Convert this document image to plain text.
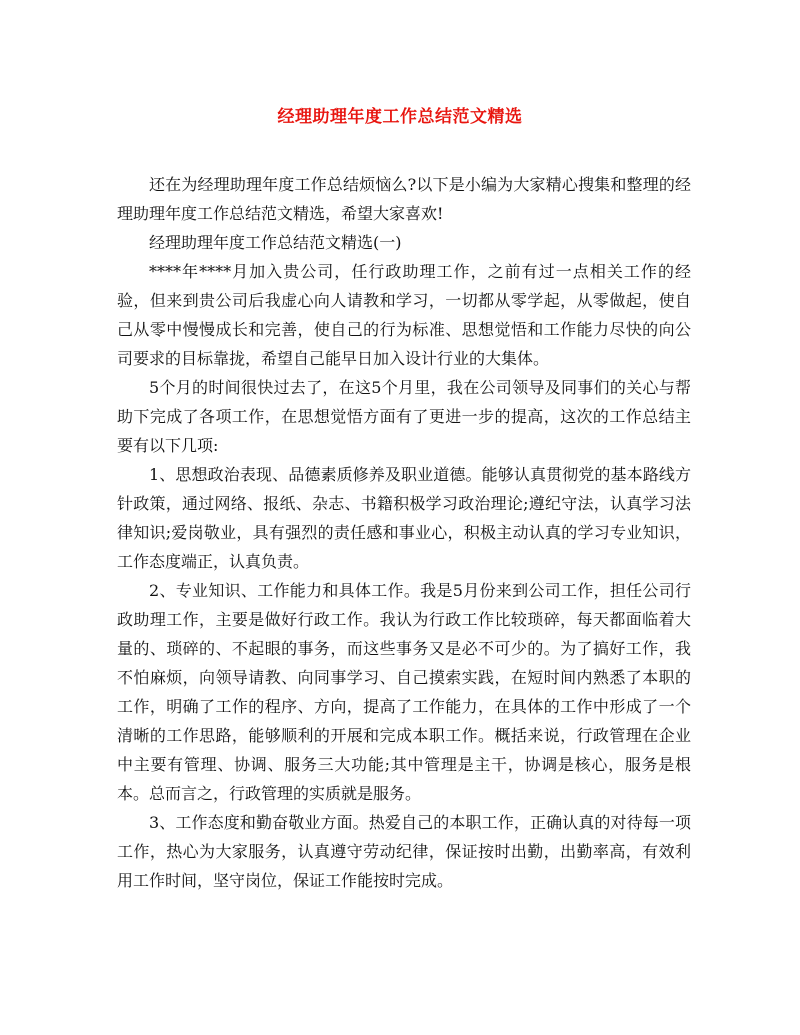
经理助理年度工作总结范文精选

还在为经理助理年度工作总结烦恼么?以下是小编为大家精心搜集和整理的经理助理年度工作总结范文精选，希望大家喜欢!

经理助理年度工作总结范文精选(一)

****年****月加入贵公司，任行政助理工作，之前有过一点相关工作的经验，但来到贵公司后我虚心向人请教和学习，一切都从零学起，从零做起，使自己从零中慢慢成长和完善，使自己的行为标准、思想觉悟和工作能力尽快的向公司要求的目标靠拢，希望自己能早日加入设计行业的大集体。

5个月的时间很快过去了，在这5个月里，我在公司领导及同事们的关心与帮助下完成了各项工作，在思想觉悟方面有了更进一步的提高，这次的工作总结主要有以下几项:

1、思想政治表现、品德素质修养及职业道德。能够认真贯彻党的基本路线方针政策，通过网络、报纸、杂志、书籍积极学习政治理论;遵纪守法，认真学习法律知识;爱岗敬业，具有强烈的责任感和事业心，积极主动认真的学习专业知识，工作态度端正，认真负责。

2、专业知识、工作能力和具体工作。我是5月份来到公司工作，担任公司行政助理工作，主要是做好行政工作。我认为行政工作比较琐碎，每天都面临着大量的、琐碎的、不起眼的事务，而这些事务又是必不可少的。为了搞好工作，我不怕麻烦，向领导请教、向同事学习、自己摸索实践，在短时间内熟悉了本职的工作，明确了工作的程序、方向，提高了工作能力，在具体的工作中形成了一个清晰的工作思路，能够顺利的开展和完成本职工作。概括来说，行政管理在企业中主要有管理、协调、服务三大功能;其中管理是主干，协调是核心，服务是根本。总而言之，行政管理的实质就是服务。

3、工作态度和勤奋敬业方面。热爱自己的本职工作，正确认真的对待每一项工作，热心为大家服务，认真遵守劳动纪律，保证按时出勤，出勤率高，有效利用工作时间，坚守岗位，保证工作能按时完成。
